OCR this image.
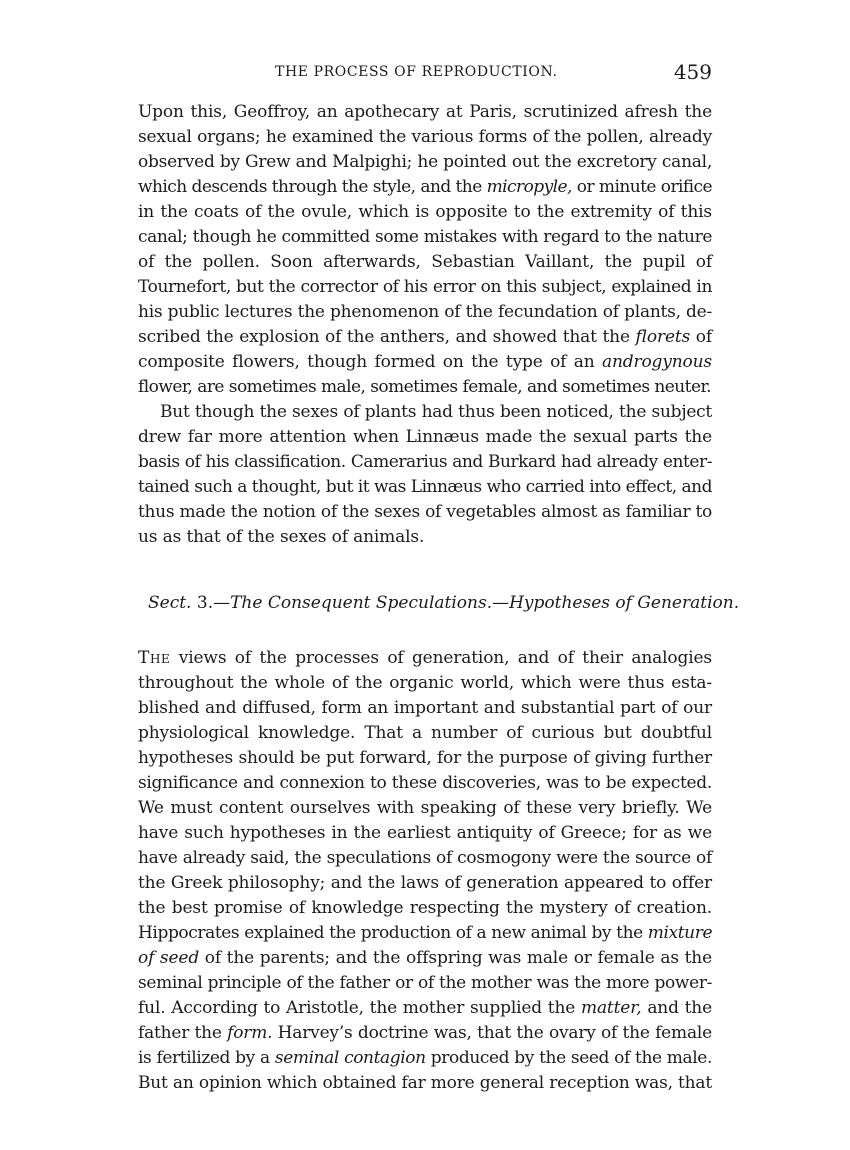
THE PROCESS OF REPRODUCTION.	459
Upon this, Geoffroy, an apothecary at Paris, scrutinized afresh the
sexual organs; he examined the various forms of the pollen, already
observed by Grew and Malpighi; he pointed out the excretory canal,
which descends through the style, and the micropyle, or minute orifice
in the coats of the ovule, which is opposite to the extremity of this
canal; though he committed some mistakes with regard to the nature
of the pollen. Soon afterwards, Sebastian Vaillant, the pupil of
Tournefort, but the corrector of his error on this subject, explained in
his public lectures the phenomenon of the fecundation of plants, de-
scribed the explosion of the anthers, and showed that the florets of
composite flowers, though formed on the type of an androgynous
flower, are sometimes male, sometimes female, and sometimes neuter.
But though the sexes of plants had thus been noticed, the subject
drew far more attention when Linnæus made the sexual parts the
basis of his classification. Camerarius and Burkard had already enter-
tained such a thought, but it was Linnæus who carried into effect, and
thus made the notion of the sexes of vegetables almost as familiar to
us as that of the sexes of animals.
Sect. 3.—The Consequent Speculations.—Hypotheses of Generation.
The views of the processes of generation, and of their analogies
throughout the whole of the organic world, which were thus esta-
blished and diffused, form an important and substantial part of our
physiological knowledge. That a number of curious but doubtful
hypotheses should be put forward, for the purpose of giving further
significance and connexion to these discoveries, was to be expected.
We must content ourselves with speaking of these very briefly. We
have such hypotheses in the earliest antiquity of Greece; for as we
have already said, the speculations of cosmogony were the source of
the Greek philosophy; and the laws of generation appeared to offer
the best promise of knowledge respecting the mystery of creation.
Hippocrates explained the production of a new animal by the mixture
of seed of the parents; and the offspring was male or female as the
seminal principle of the father or of the mother was the more power-
ful. According to Aristotle, the mother supplied the matter, and the
father the form. Harvey’s doctrine was, that the ovary of the female
is fertilized by a seminal contagion produced by the seed of the male.
But an opinion which obtained far more general reception was, that
